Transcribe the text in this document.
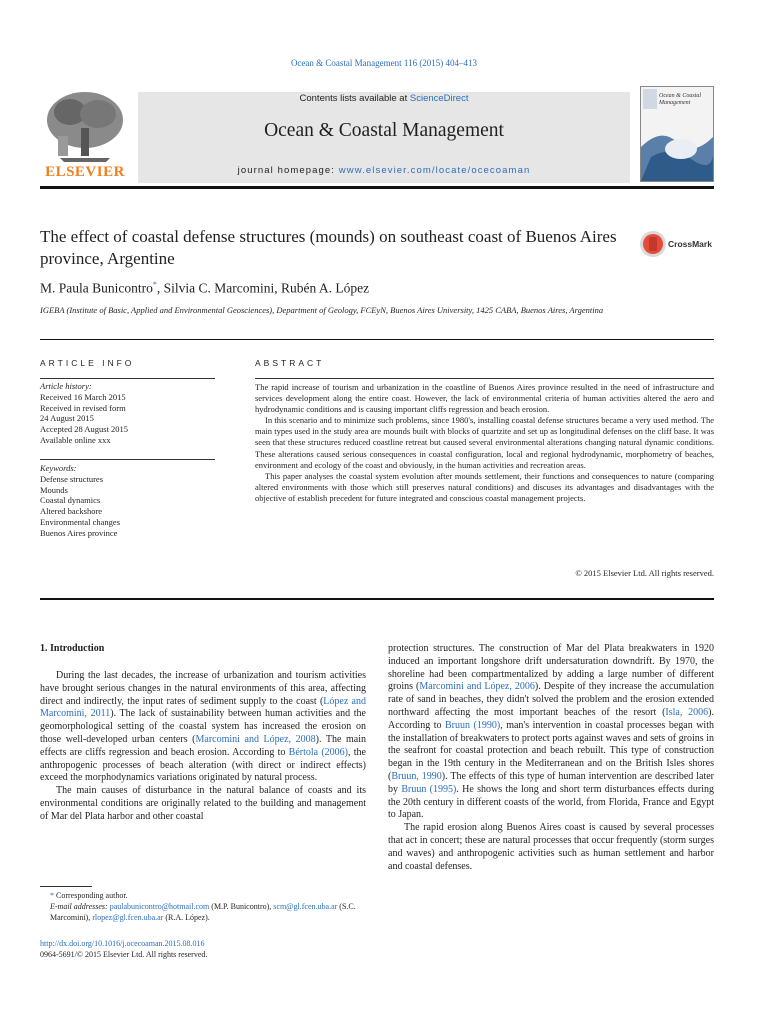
Ocean & Coastal Management 116 (2015) 404–413
ELSEVIER
Contents lists available at ScienceDirect
Ocean & Coastal Management
journal homepage: www.elsevier.com/locate/ocecoaman
Ocean & Coastal Management
The effect of coastal defense structures (mounds) on southeast coast of Buenos Aires province, Argentine
CrossMark
M. Paula Bunicontro*, Silvia C. Marcomini, Rubén A. López
IGEBA (Institute of Basic, Applied and Environmental Geosciences), Department of Geology, FCEyN, Buenos Aires University, 1425 CABA, Buenos Aires, Argentina
ARTICLE INFO	ABSTRACT
Article history:
Received 16 March 2015
Received in revised form
24 August 2015
Accepted 28 August 2015
Available online xxx
Keywords:
Defense structures
Mounds
Coastal dynamics
Altered backshore
Environmental changes
Buenos Aires province

The rapid increase of tourism and urbanization in the coastline of Buenos Aires province resulted in the need of infrastructure and services development along the entire coast. However, the lack of environmental criteria of human activities altered the aero and hydrodynamic conditions and is causing important cliffs regression and beach erosion.

In this scenario and to minimize such problems, since 1980's, installing coastal defense structures became a very used method. The main types used in the study area are mounds built with blocks of quartzite and set up as longitudinal defenses on the cliff base. It was seen that these structures reduced coastline retreat but caused several environmental alterations changing natural dynamic conditions. These alterations caused serious consequences in coastal configuration, local and regional hydrodynamic, morphometry of beaches, environment and ecology of the coast and obviously, in the human activities and recreation areas.

This paper analyses the coastal system evolution after mounds settlement, their functions and consequences to nature (comparing altered environments with those which still preserves natural conditions) and discuses its advantages and disadvantages with the objective of establish precedent for future integrated and conscious coastal management projects.

© 2015 Elsevier Ltd. All rights reserved.
1. Introduction

During the last decades, the increase of urbanization and tourism activities have brought serious changes in the natural environments of this area, affecting direct and indirectly, the input rates of sediment supply to the coast (López and Marcomini, 2011). The lack of sustainability between human activities and the geomorphological setting of the coastal system has increased the erosion on those well-developed urban centers (Marcomini and López, 2008). The main effects are cliffs regression and beach erosion. According to Bértola (2006), the anthropogenic processes of beach alteration (with direct or indirect effects) exceed the morphodynamics variations originated by natural process.

The main causes of disturbance in the natural balance of coasts and its environmental conditions are originally related to the building and management of Mar del Plata harbor and other coastal

protection structures. The construction of Mar del Plata breakwaters in 1920 induced an important longshore drift undersaturation downdrift. By 1970, the shoreline had been compartmentalized by adding a large number of different groins (Marcomini and López, 2006). Despite of they increase the accumulation rate of sand in beaches, they didn't solved the problem and the erosion extended northward affecting the most important beaches of the resort (Isla, 2006). According to Bruun (1990), man's intervention in coastal processes began with the installation of breakwaters to protect ports against waves and sets of groins in the seafront for coastal protection and beach rebuilt. This type of construction began in the 19th century in the Mediterranean and on the British Isles shores (Bruun, 1990). The effects of this type of human intervention are described later by Bruun (1995). He shows the long and short term disturbances effects during the 20th century in different coasts of the world, from Florida, France and Egypt to Japan.

The rapid erosion along Buenos Aires coast is caused by several processes that act in concert; these are natural processes that occur frequently (storm surges and waves) and anthropogenic activities such as human settlement and harbor and coastal defenses.

* Corresponding author.
E-mail addresses: paulabunicontro@hotmail.com (M.P. Bunicontro), scm@gl.fcen.uba.ar (S.C. Marcomini), rlopez@gl.fcen.uba.ar (R.A. López).
http://dx.doi.org/10.1016/j.ocecoaman.2015.08.016
0964-5691/© 2015 Elsevier Ltd. All rights reserved.
